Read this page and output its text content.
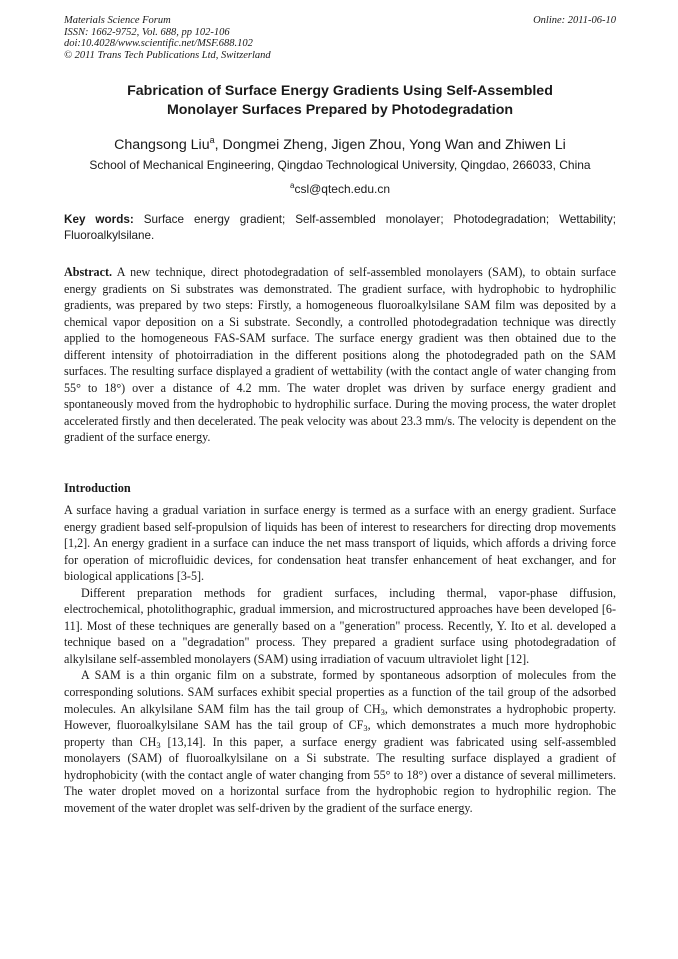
Materials Science Forum
ISSN: 1662-9752, Vol. 688, pp 102-106
doi:10.4028/www.scientific.net/MSF.688.102
© 2011 Trans Tech Publications Ltd, Switzerland
Online: 2011-06-10
Fabrication of Surface Energy Gradients Using Self-Assembled
Monolayer Surfaces Prepared by Photodegradation
Changsong Liu$^a$, Dongmei Zheng, Jigen Zhou, Yong Wan and Zhiwen Li
School of Mechanical Engineering, Qingdao Technological University, Qingdao, 266033, China
$^a$csl@qtech.edu.cn
Key words: Surface energy gradient; Self-assembled monolayer; Photodegradation; Wettability; Fluoroalkylsilane.
Abstract. A new technique, direct photodegradation of self-assembled monolayers (SAM), to obtain surface energy gradients on Si substrates was demonstrated. The gradient surface, with hydrophobic to hydrophilic gradients, was prepared by two steps: Firstly, a homogeneous fluoroalkylsilane SAM film was deposited by a chemical vapor deposition on a Si substrate. Secondly, a controlled photodegradation technique was directly applied to the homogeneous FAS-SAM surface. The surface energy gradient was then obtained due to the different intensity of photoirradiation in the different positions along the photodegraded path on the SAM surfaces. The resulting surface displayed a gradient of wettability (with the contact angle of water changing from 55° to 18°) over a distance of 4.2 mm. The water droplet was driven by surface energy gradient and spontaneously moved from the hydrophobic to hydrophilic surface. During the moving process, the water droplet accelerated firstly and then decelerated. The peak velocity was about 23.3 mm/s. The velocity is dependent on the gradient of the surface energy.
Introduction

A surface having a gradual variation in surface energy is termed as a surface with an energy gradient. Surface energy gradient based self-propulsion of liquids has been of interest to researchers for directing drop movements [1,2]. An energy gradient in a surface can induce the net mass transport of liquids, which affords a driving force for operation of microfluidic devices, for condensation heat transfer enhancement of heat exchanger, and for biological applications [3-5].

Different preparation methods for gradient surfaces, including thermal, vapor-phase diffusion, electrochemical, photolithographic, gradual immersion, and microstructured approaches have been developed [6-11]. Most of these techniques are generally based on a "generation" process. Recently, Y. Ito et al. developed a technique based on a "degradation" process. They prepared a gradient surface using photodegradation of alkylsilane self-assembled monolayers (SAM) using irradiation of vacuum ultraviolet light [12].

A SAM is a thin organic film on a substrate, formed by spontaneous adsorption of molecules from the corresponding solutions. SAM surfaces exhibit special properties as a function of the tail group of the adsorbed molecules. An alkylsilane SAM film has the tail group of $CH_3$, which demonstrates a hydrophobic property. However, fluoroalkylsilane SAM has the tail group of $CF_3$, which demonstrates a much more hydrophobic property than $CH_3$ [13,14]. In this paper, a surface energy gradient was fabricated using self-assembled monolayers (SAM) of fluoroalkylsilane on a Si substrate. The resulting surface displayed a gradient of hydrophobicity (with the contact angle of water changing from 55° to 18°) over a distance of several millimeters. The water droplet moved on a horizontal surface from the hydrophobic region to hydrophilic region. The movement of the water droplet was self-driven by the gradient of the surface energy.
